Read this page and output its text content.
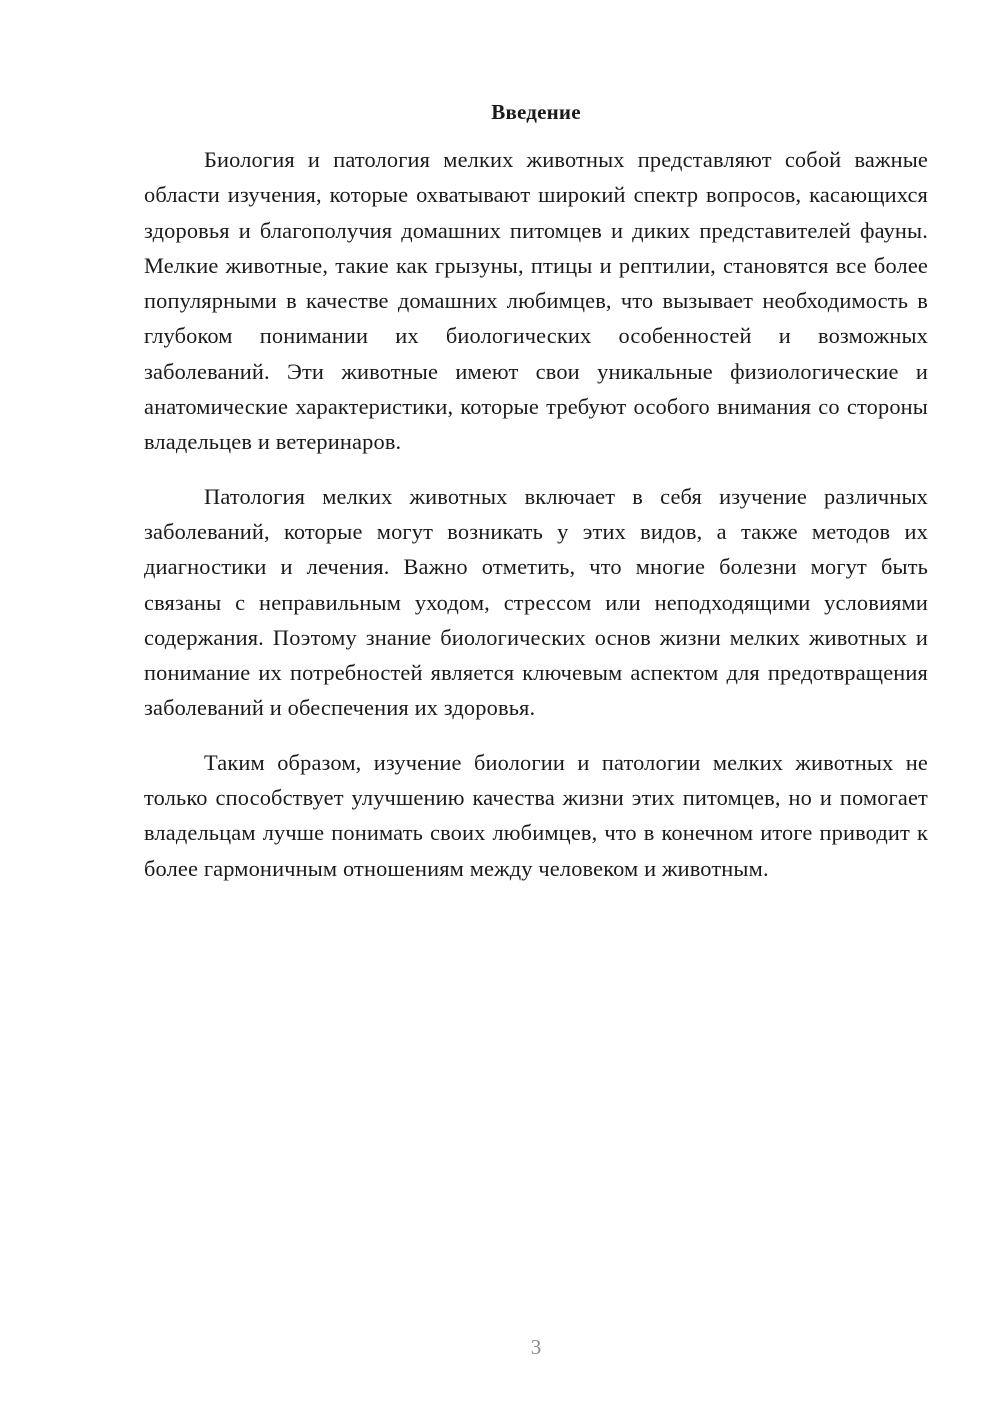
Введение

Биология и патология мелких животных представляют собой важные области изучения, которые охватывают широкий спектр вопросов, касающихся здоровья и благополучия домашних питомцев и диких представителей фауны. Мелкие животные, такие как грызуны, птицы и рептилии, становятся все более популярными в качестве домашних любимцев, что вызывает необходимость в глубоком понимании их биологических особенностей и возможных заболеваний. Эти животные имеют свои уникальные физиологические и анатомические характеристики, которые требуют особого внимания со стороны владельцев и ветеринаров.

Патология мелких животных включает в себя изучение различных заболеваний, которые могут возникать у этих видов, а также методов их диагностики и лечения. Важно отметить, что многие болезни могут быть связаны с неправильным уходом, стрессом или неподходящими условиями содержания. Поэтому знание биологических основ жизни мелких животных и понимание их потребностей является ключевым аспектом для предотвращения заболеваний и обеспечения их здоровья.

Таким образом, изучение биологии и патологии мелких животных не только способствует улучшению качества жизни этих питомцев, но и помогает владельцам лучше понимать своих любимцев, что в конечном итоге приводит к более гармоничным отношениям между человеком и животным.

3
